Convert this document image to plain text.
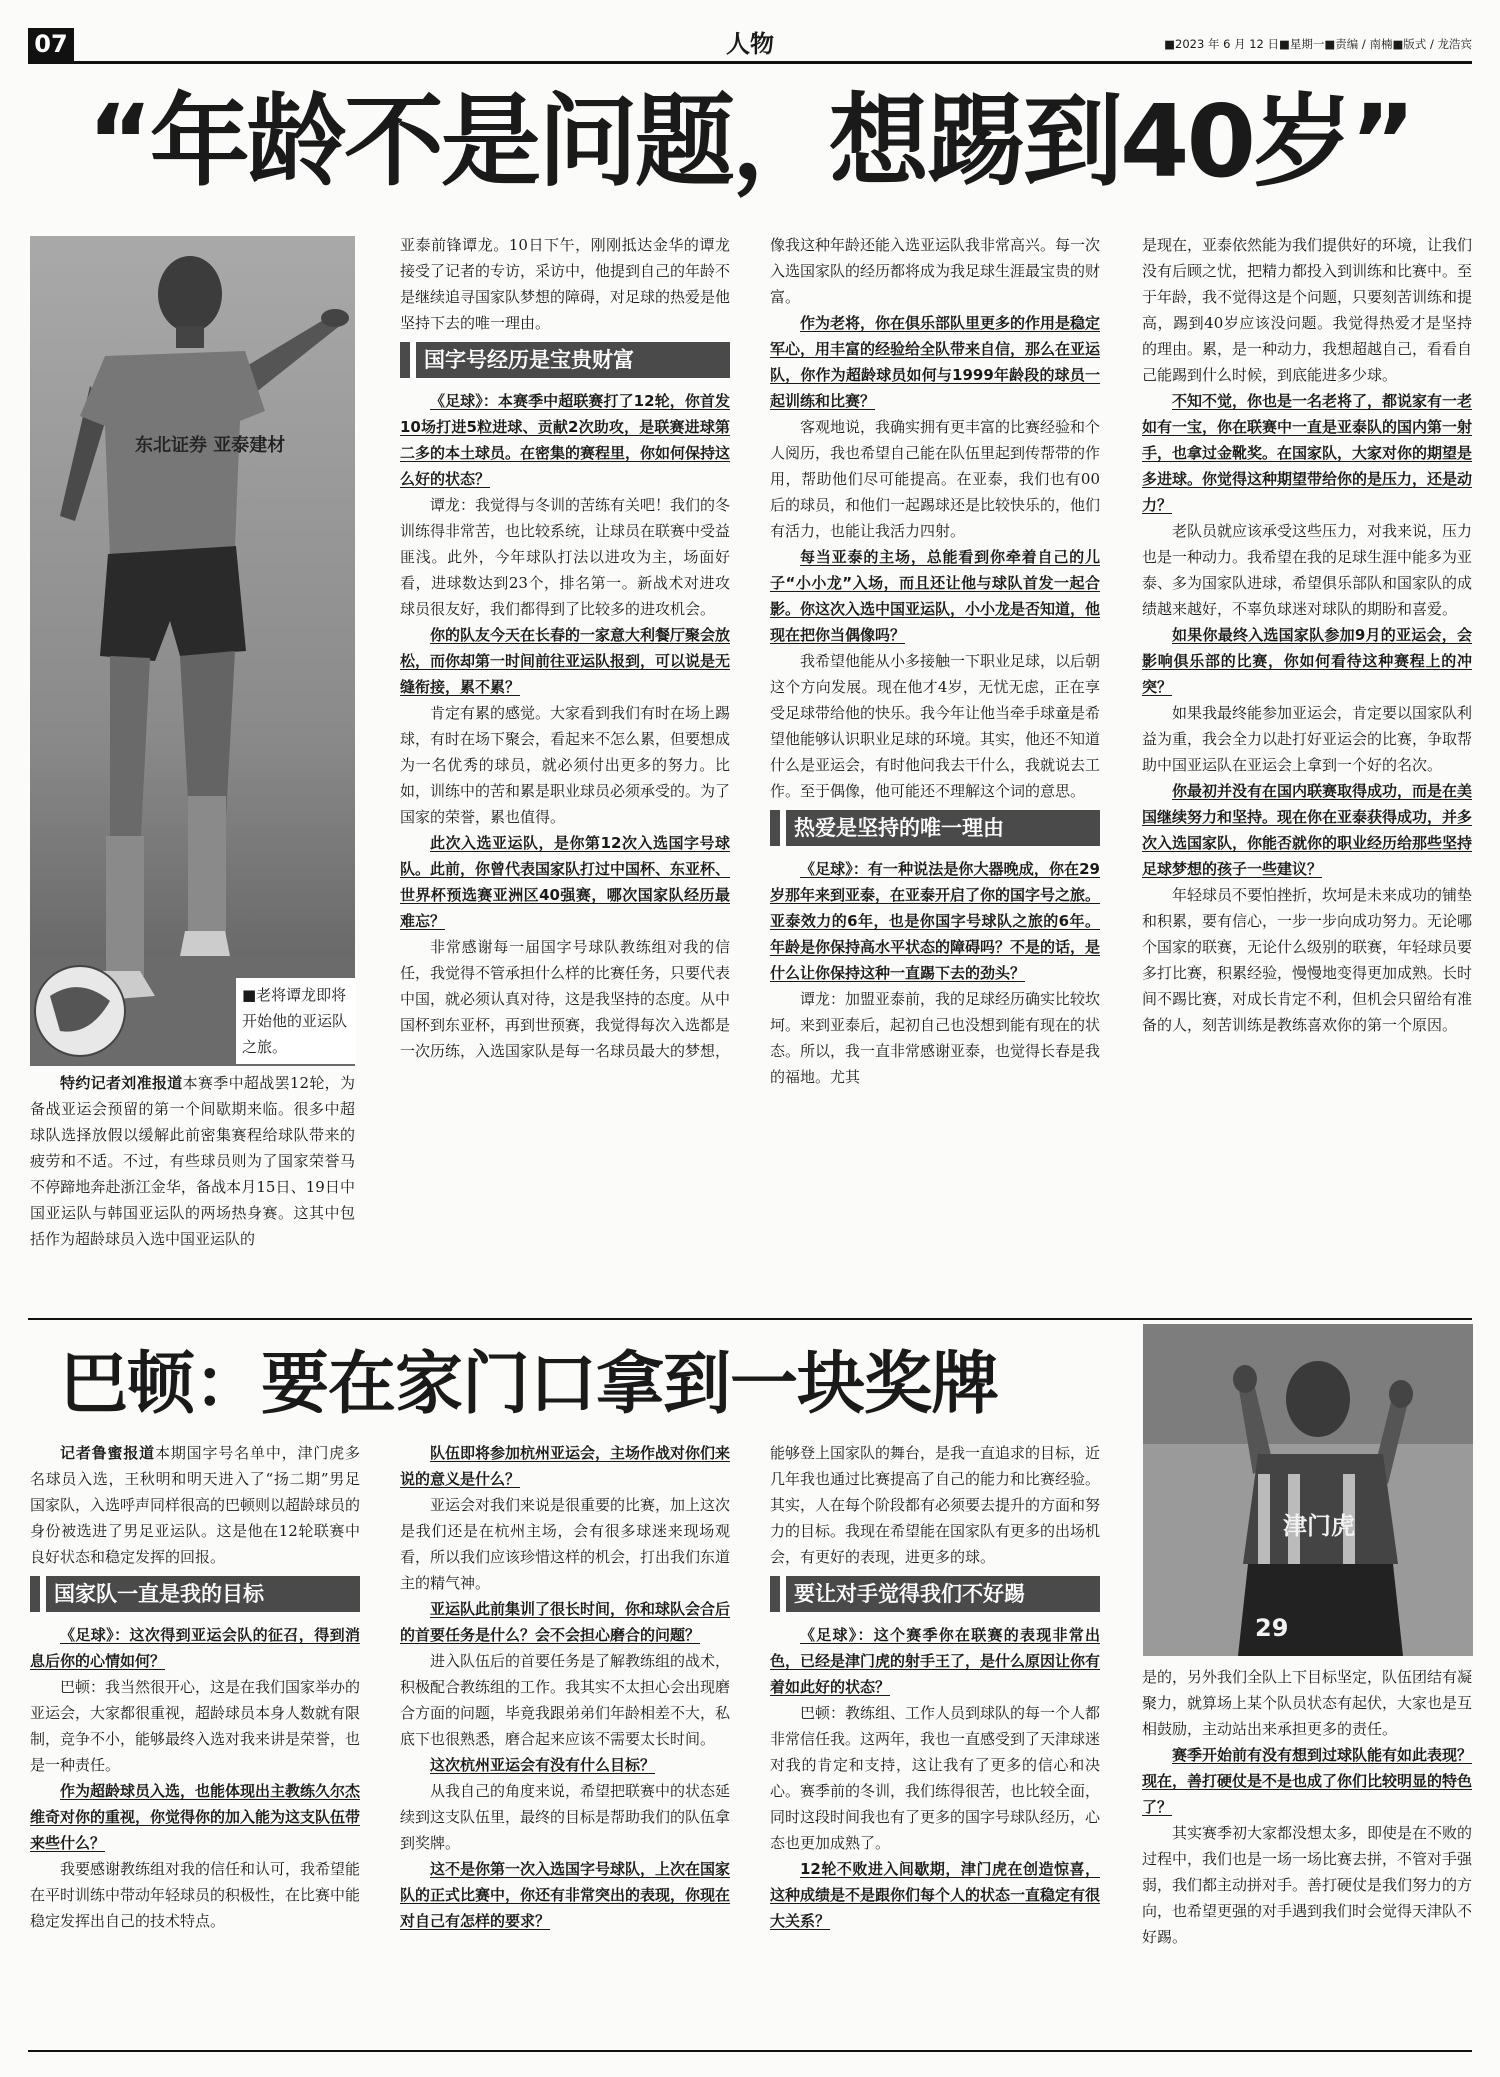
07	人物	■2023 年 6 月 12 日■星期一■责编 / 南楠■版式 / 龙浩宾
“年龄不是问题，想踢到40岁”
东北证券 亚泰建材
■老将谭龙即将开始他的亚运队之旅。

特约记者刘准报道本赛季中超战罢12轮，为备战亚运会预留的第一个间歇期来临。很多中超球队选择放假以缓解此前密集赛程给球队带来的疲劳和不适。不过，有些球员则为了国家荣誉马不停蹄地奔赴浙江金华，备战本月15日、19日中国亚运队与韩国亚运队的两场热身赛。这其中包括作为超龄球员入选中国亚运队的

亚泰前锋谭龙。10日下午，刚刚抵达金华的谭龙接受了记者的专访，采访中，他提到自己的年龄不是继续追寻国家队梦想的障碍，对足球的热爱是他坚持下去的唯一理由。

国字号经历是宝贵财富

《足球》：本赛季中超联赛打了12轮，你首发10场打进5粒进球、贡献2次助攻，是联赛进球第二多的本土球员。在密集的赛程里，你如何保持这么好的状态？

谭龙：我觉得与冬训的苦练有关吧！我们的冬训练得非常苦，也比较系统，让球员在联赛中受益匪浅。此外，今年球队打法以进攻为主，场面好看，进球数达到23个，排名第一。新战术对进攻球员很友好，我们都得到了比较多的进攻机会。

你的队友今天在长春的一家意大利餐厅聚会放松，而你却第一时间前往亚运队报到，可以说是无缝衔接，累不累？

肯定有累的感觉。大家看到我们有时在场上踢球，有时在场下聚会，看起来不怎么累，但要想成为一名优秀的球员，就必须付出更多的努力。比如，训练中的苦和累是职业球员必须承受的。为了国家的荣誉，累也值得。

此次入选亚运队，是你第12次入选国字号球队。此前，你曾代表国家队打过中国杯、东亚杯、世界杯预选赛亚洲区40强赛，哪次国家队经历最难忘？

非常感谢每一届国字号球队教练组对我的信任，我觉得不管承担什么样的比赛任务，只要代表中国，就必须认真对待，这是我坚持的态度。从中国杯到东亚杯，再到世预赛，我觉得每次入选都是一次历练，入选国家队是每一名球员最大的梦想，

像我这种年龄还能入选亚运队我非常高兴。每一次入选国家队的经历都将成为我足球生涯最宝贵的财富。

作为老将，你在俱乐部队里更多的作用是稳定军心，用丰富的经验给全队带来自信，那么在亚运队，你作为超龄球员如何与1999年龄段的球员一起训练和比赛？

客观地说，我确实拥有更丰富的比赛经验和个人阅历，我也希望自己能在队伍里起到传帮带的作用，帮助他们尽可能提高。在亚泰，我们也有00后的球员，和他们一起踢球还是比较快乐的，他们有活力，也能让我活力四射。

每当亚泰的主场，总能看到你牵着自己的儿子“小小龙”入场，而且还让他与球队首发一起合影。你这次入选中国亚运队，小小龙是否知道，他现在把你当偶像吗？

我希望他能从小多接触一下职业足球，以后朝这个方向发展。现在他才4岁，无忧无虑，正在享受足球带给他的快乐。我今年让他当牵手球童是希望他能够认识职业足球的环境。其实，他还不知道什么是亚运会，有时他问我去干什么，我就说去工作。至于偶像，他可能还不理解这个词的意思。

热爱是坚持的唯一理由

《足球》：有一种说法是你大器晚成，你在29岁那年来到亚泰，在亚泰开启了你的国字号之旅。亚泰效力的6年，也是你国字号球队之旅的6年。年龄是你保持高水平状态的障碍吗？不是的话，是什么让你保持这种一直踢下去的劲头？

谭龙：加盟亚泰前，我的足球经历确实比较坎坷。来到亚泰后，起初自己也没想到能有现在的状态。所以，我一直非常感谢亚泰，也觉得长春是我的福地。尤其

是现在，亚泰依然能为我们提供好的环境，让我们没有后顾之忧，把精力都投入到训练和比赛中。至于年龄，我不觉得这是个问题，只要刻苦训练和提高，踢到40岁应该没问题。我觉得热爱才是坚持的理由。累，是一种动力，我想超越自己，看看自己能踢到什么时候，到底能进多少球。

不知不觉，你也是一名老将了，都说家有一老如有一宝，你在联赛中一直是亚泰队的国内第一射手，也拿过金靴奖。在国家队，大家对你的期望是多进球。你觉得这种期望带给你的是压力，还是动力？

老队员就应该承受这些压力，对我来说，压力也是一种动力。我希望在我的足球生涯中能多为亚泰、多为国家队进球，希望俱乐部队和国家队的成绩越来越好，不辜负球迷对球队的期盼和喜爱。

如果你最终入选国家队参加9月的亚运会，会影响俱乐部的比赛，你如何看待这种赛程上的冲突？

如果我最终能参加亚运会，肯定要以国家队利益为重，我会全力以赴打好亚运会的比赛，争取帮助中国亚运队在亚运会上拿到一个好的名次。

你最初并没有在国内联赛取得成功，而是在美国继续努力和坚持。现在你在亚泰获得成功，并多次入选国家队，你能否就你的职业经历给那些坚持足球梦想的孩子一些建议？

年轻球员不要怕挫折，坎坷是未来成功的铺垫和积累，要有信心，一步一步向成功努力。无论哪个国家的联赛，无论什么级别的联赛，年轻球员要多打比赛，积累经验，慢慢地变得更加成熟。长时间不踢比赛，对成长肯定不利，但机会只留给有准备的人，刻苦训练是教练喜欢你的第一个原因。

巴顿：要在家门口拿到一块奖牌
津门虎
29

记者鲁蜜报道本期国字号名单中，津门虎多名球员入选，王秋明和明天进入了“扬二期”男足国家队，入选呼声同样很高的巴顿则以超龄球员的身份被选进了男足亚运队。这是他在12轮联赛中良好状态和稳定发挥的回报。

国家队一直是我的目标

《足球》：这次得到亚运会队的征召，得到消息后你的心情如何？

巴顿：我当然很开心，这是在我们国家举办的亚运会，大家都很重视，超龄球员本身人数就有限制，竞争不小，能够最终入选对我来讲是荣誉，也是一种责任。

作为超龄球员入选，也能体现出主教练久尔杰维奇对你的重视，你觉得你的加入能为这支队伍带来些什么？

我要感谢教练组对我的信任和认可，我希望能在平时训练中带动年轻球员的积极性，在比赛中能稳定发挥出自己的技术特点。

队伍即将参加杭州亚运会，主场作战对你们来说的意义是什么？

亚运会对我们来说是很重要的比赛，加上这次是我们还是在杭州主场，会有很多球迷来现场观看，所以我们应该珍惜这样的机会，打出我们东道主的精气神。

亚运队此前集训了很长时间，你和球队会合后的首要任务是什么？会不会担心磨合的问题？

进入队伍后的首要任务是了解教练组的战术，积极配合教练组的工作。我其实不太担心会出现磨合方面的问题，毕竟我跟弟弟们年龄相差不大，私底下也很熟悉，磨合起来应该不需要太长时间。

这次杭州亚运会有没有什么目标？

从我自己的角度来说，希望把联赛中的状态延续到这支队伍里，最终的目标是帮助我们的队伍拿到奖牌。

这不是你第一次入选国字号球队，上次在国家队的正式比赛中，你还有非常突出的表现，你现在对自己有怎样的要求？

能够登上国家队的舞台，是我一直追求的目标，近几年我也通过比赛提高了自己的能力和比赛经验。其实，人在每个阶段都有必须要去提升的方面和努力的目标。我现在希望能在国家队有更多的出场机会，有更好的表现，进更多的球。

要让对手觉得我们不好踢

《足球》：这个赛季你在联赛的表现非常出色，已经是津门虎的射手王了，是什么原因让你有着如此好的状态？

巴顿：教练组、工作人员到球队的每一个人都非常信任我。这两年，我也一直感受到了天津球迷对我的肯定和支持，这让我有了更多的信心和决心。赛季前的冬训，我们练得很苦，也比较全面，同时这段时间我也有了更多的国字号球队经历，心态也更加成熟了。

12轮不败进入间歇期，津门虎在创造惊喜，这种成绩是不是跟你们每个人的状态一直稳定有很大关系？

是的，另外我们全队上下目标坚定，队伍团结有凝聚力，就算场上某个队员状态有起伏，大家也是互相鼓励，主动站出来承担更多的责任。

赛季开始前有没有想到过球队能有如此表现？现在，善打硬仗是不是也成了你们比较明显的特色了？

其实赛季初大家都没想太多，即使是在不败的过程中，我们也是一场一场比赛去拼，不管对手强弱，我们都主动拼对手。善打硬仗是我们努力的方向，也希望更强的对手遇到我们时会觉得天津队不好踢。
